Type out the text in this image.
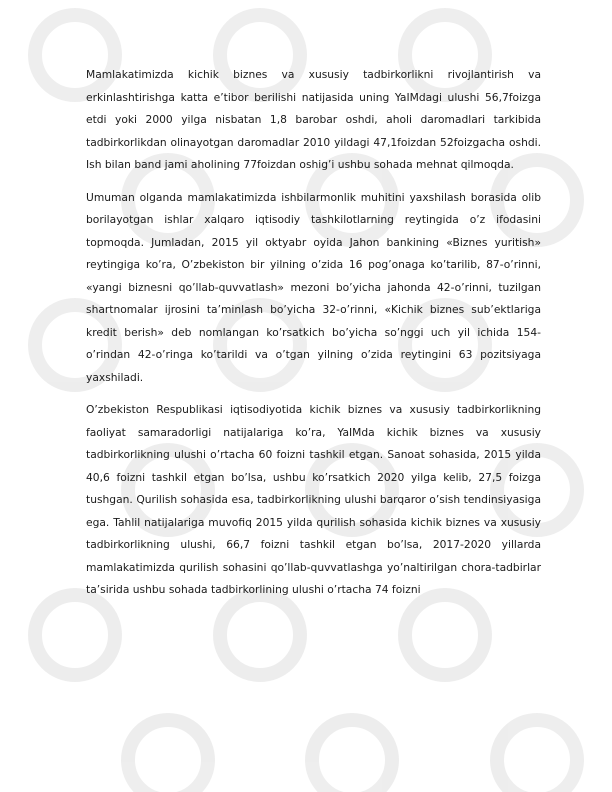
Mamlakatimizda kichik biznes va xususiy tadbirkorlikni rivojlantirish va erkinlashtirishga katta e’tibor berilishi natijasida uning YaIMdagi ulushi 56,7foizga etdi yoki 2000 yilga nisbatan 1,8 barobar oshdi, aholi daromadlari tarkibida tadbirkorlikdan olinayotgan daromadlar 2010 yildagi 47,1foizdan 52foizgacha oshdi. Ish bilan band jami aholining 77foizdan oshig’i ushbu sohada mehnat qilmoqda.

Umuman olganda mamlakatimizda ishbilarmonlik muhitini yaxshilash borasida olib borilayotgan ishlar xalqaro iqtisodiy tashkilotlarning reytingida o’z ifodasini topmoqda. Jumladan, 2015 yil oktyabr oyida Jahon bankining «Biznes yuritish» reytingiga ko’ra, O’zbekiston bir yilning o’zida 16 pog’onaga ko’tarilib, 87-o’rinni, «yangi biznesni qo’llab-quvvatlash» mezoni bo’yicha jahonda 42-o’rinni, tuzilgan shartnomalar ijrosini ta’minlash bo’yicha 32-o’rinni, «Kichik biznes sub’ektlariga kredit berish» deb nomlangan ko’rsatkich bo’yicha so’nggi uch yil ichida 154-o’rindan 42-o’ringa ko’tarildi va o’tgan yilning o’zida reytingini 63 pozitsiyaga yaxshiladi.

O’zbekiston Respublikasi iqtisodiyotida kichik biznes va xususiy tadbirkorlikning faoliyat samaradorligi natijalariga ko’ra, YaIMda kichik biznes va xususiy tadbirkorlikning ulushi o’rtacha 60 foizni tashkil etgan. Sanoat sohasida, 2015 yilda 40,6 foizni tashkil etgan bo’lsa, ushbu ko’rsatkich 2020 yilga kelib, 27,5 foizga tushgan. Qurilish sohasida esa, tadbirkorlikning ulushi barqaror o’sish tendinsiyasiga ega. Tahlil natijalariga muvofiq 2015 yilda qurilish sohasida kichik biznes va xususiy tadbirkorlikning ulushi, 66,7 foizni tashkil etgan bo’lsa, 2017-2020 yillarda mamlakatimizda qurilish sohasini qo’llab-quvvatlashga yo’naltirilgan chora-tadbirlar ta’sirida ushbu sohada tadbirkorlining ulushi o’rtacha 74 foizni
